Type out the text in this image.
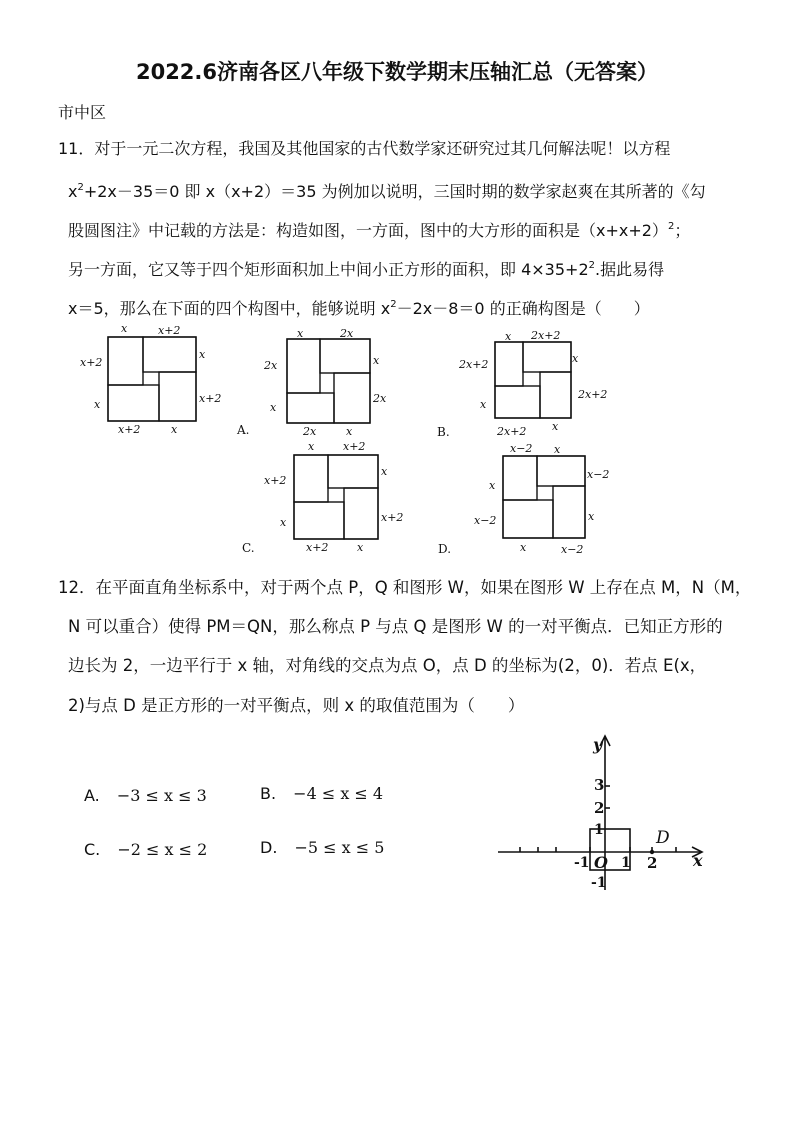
2022.6济南各区八年级下数学期末压轴汇总（无答案）
市中区
11．对于一元二次方程，我国及其他国家的古代数学家还研究过其几何解法呢！以方程
$x^2+2x-35=0$ 即 x（x+2）＝35 为例加以说明，三国时期的数学家赵爽在其所著的《勾
股圆图注》中记载的方法是：构造如图，一方面，图中的大方形的面积是$(x+x+2)^2$；
另一方面，它又等于四个矩形面积加上中间小正方形的面积，即 $4\times 35+2^2$.据此易得
x＝5，那么在下面的四个构图中，能够说明 $x^2-2x-8=0$ 的正确构图是（　　）
x	x+2
x+2
x
x
x+2
x+2	x
x	2x
2x
x
x
2x
2x	x
A.
x 2x+2
2x+2
x
x
2x+2
2x+2 x
B.
x	x+2
x+2
x
x
x+2
x+2	x
C.
x−2 x
x
x−2
x−2
x
x	x−2
D.
12．在平面直角坐标系中，对于两个点 P，Q 和图形 W，如果在图形 W 上存在点 M，N（M，
N 可以重合）使得 PM＝QN，那么称点 P 与点 Q 是图形 W 的一对平衡点．已知正方形的
边长为 2，一边平行于 x 轴，对角线的交点为点 O，点 D 的坐标为(2，0)．若点 E(x，
2)与点 D 是正方形的一对平衡点，则 x 的取值范围为（　　）
A. −3 ≤ x ≤ 3	B. −4 ≤ x ≤ 4
C. −2 ≤ x ≤ 2	D. −5 ≤ x ≤ 5
y
x
3
2
1
-1
-1 O 1 2
D
